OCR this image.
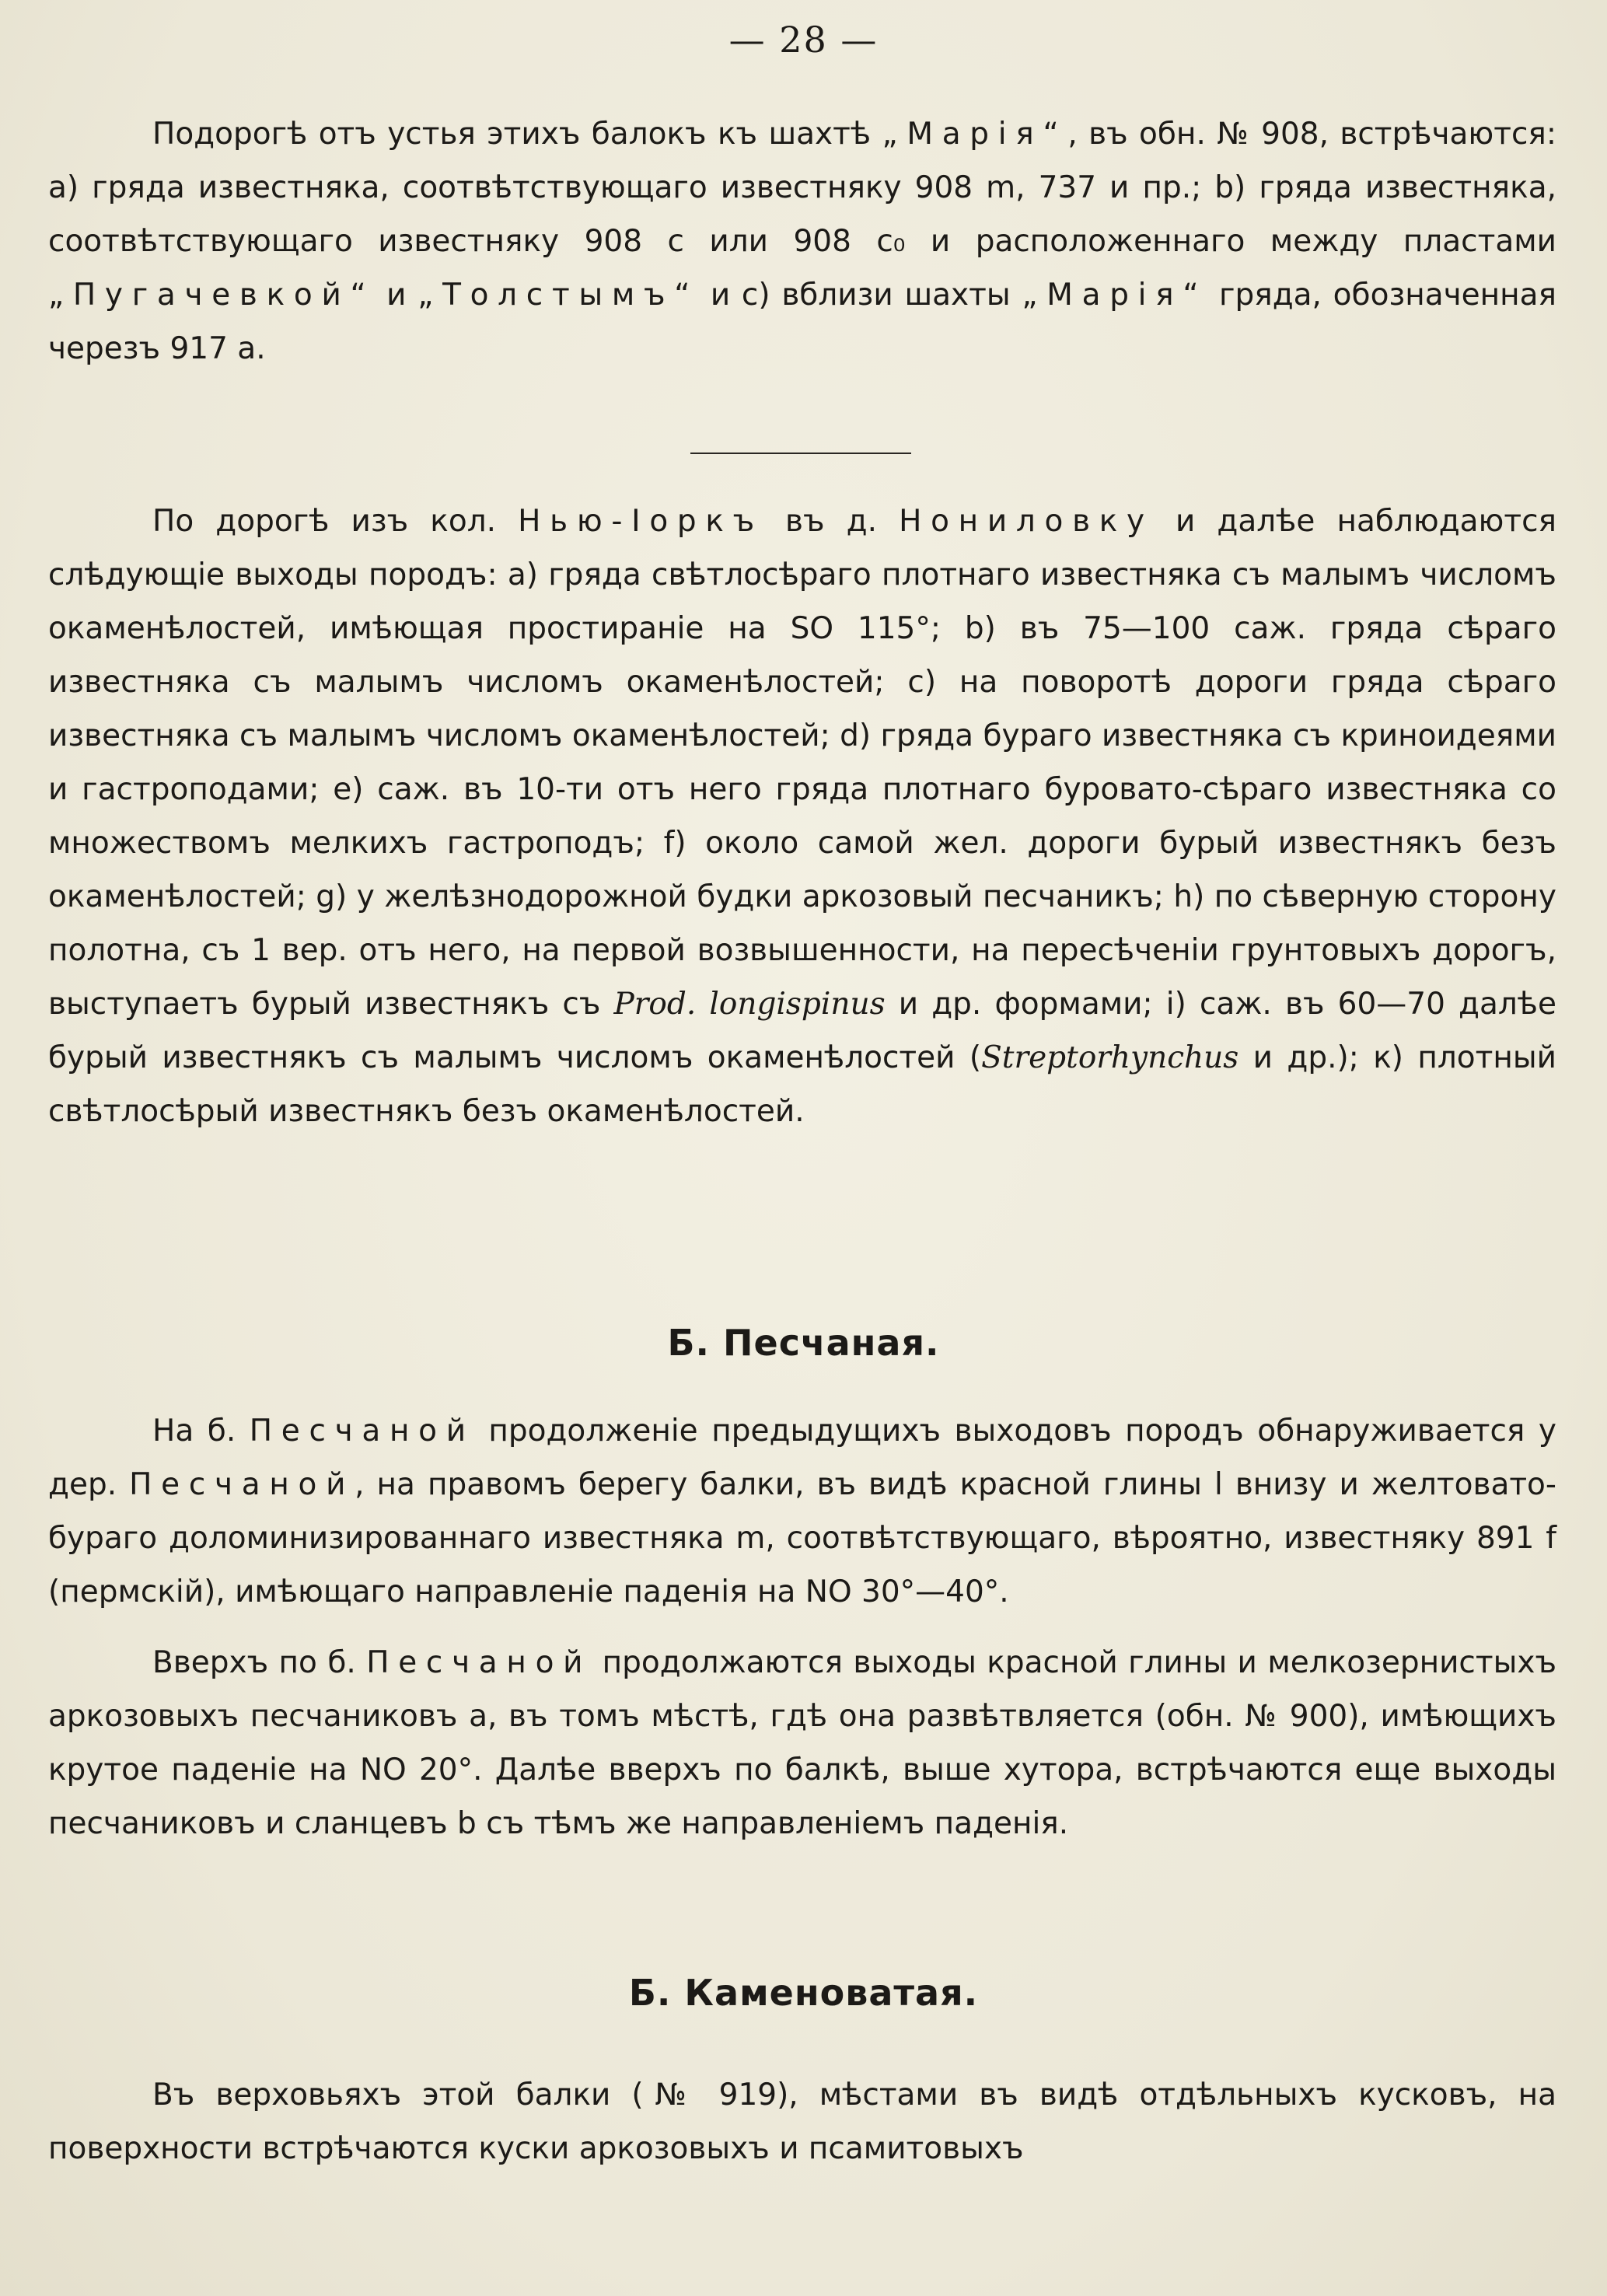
— 28 —

Подорогѣ отъ устья этихъ балокъ къ шахтѣ „Марія“, въ обн. № 908, встрѣчаются: а) гряда известняка, соотвѣтствующаго известняку 908 m, 737 и пр.; b) гряда известняка, соотвѣтствующаго известняку 908 c или 908 c₀ и расположеннаго между пластами „Пугачевкой“ и „Толстымъ“ и c) вблизи шахты „Марія“ гряда, обозначенная черезъ 917 a.

По дорогѣ изъ кол. Нью-Іоркъ въ д. Нониловку и далѣе наблюдаются слѣдующіе выходы породъ: a) гряда свѣтлосѣраго плотнаго известняка съ малымъ числомъ окаменѣлостей, имѣющая простираніе на SO 115°; b) въ 75—100 саж. гряда сѣраго известняка съ малымъ числомъ окаменѣлостей; c) на поворотѣ дороги гряда сѣраго известняка съ малымъ числомъ окаменѣлостей; d) гряда бураго известняка съ криноидеями и гастроподами; e) саж. въ 10-ти отъ него гряда плотнаго буровато-сѣраго известняка со множествомъ мелкихъ гастроподъ; f) около самой жел. дороги бурый известнякъ безъ окаменѣлостей; g) у желѣзнодорожной будки аркозовый песчаникъ; h) по сѣверную сторону полотна, съ 1 вер. отъ него, на первой возвышенности, на пересѣченіи грунтовыхъ дорогъ, выступаетъ бурый известнякъ съ Prod. longispinus и др. формами; i) саж. въ 60—70 далѣе бурый известнякъ съ малымъ числомъ окаменѣлостей (Streptorhynchus и др.); к) плотный свѣтлосѣрый известнякъ безъ окаменѣлостей.

Б. Песчаная.

На б. Песчаной продолженіе предыдущихъ выходовъ породъ обнаруживается у дер. Песчаной, на правомъ берегу балки, въ видѣ красной глины l внизу и желтовато-бураго доломинизированнаго известняка m, соотвѣтствующаго, вѣроятно, известняку 891 f (пермскій), имѣющаго направленіе паденія на NO 30°—40°.

Вверхъ по б. Песчаной продолжаются выходы красной глины и мелкозернистыхъ аркозовыхъ песчаниковъ a, въ томъ мѣстѣ, гдѣ она развѣтвляется (обн. № 900), имѣющихъ крутое паденіе на NO 20°. Далѣе вверхъ по балкѣ, выше хутора, встрѣчаются еще выходы песчаниковъ и сланцевъ b съ тѣмъ же направленіемъ паденія.

Б. Каменоватая.

Въ верховьяхъ этой балки (№ 919), мѣстами въ видѣ отдѣльныхъ кусковъ, на поверхности встрѣчаются куски аркозовыхъ и псамитовыхъ
